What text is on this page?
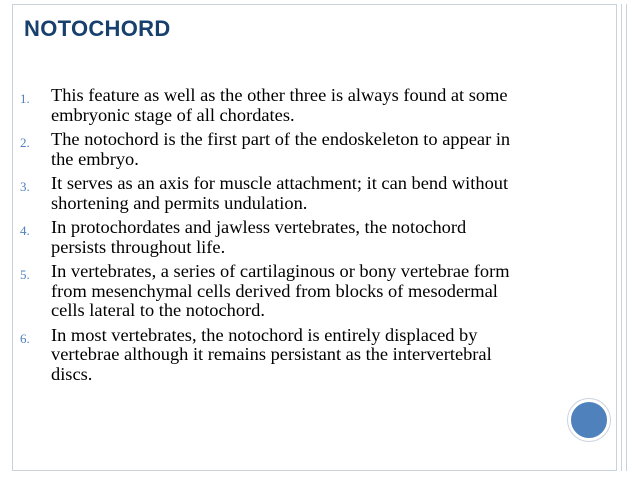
NOTOCHORD
1.	This feature as well as the other three is always found at some
embryonic stage of all chordates.
2.	The notochord is the first part of the endoskeleton to appear in
the embryo.
3.	It serves as an axis for muscle attachment; it can bend without
shortening and permits undulation.
4.	In protochordates and jawless vertebrates, the notochord
persists throughout life.
5.	In vertebrates, a series of cartilaginous or bony vertebrae form
from mesenchymal cells derived from blocks of mesodermal
cells lateral to the notochord.
6.	In most vertebrates, the notochord is entirely displaced by
vertebrae although it remains persistant as the intervertebral
discs.
